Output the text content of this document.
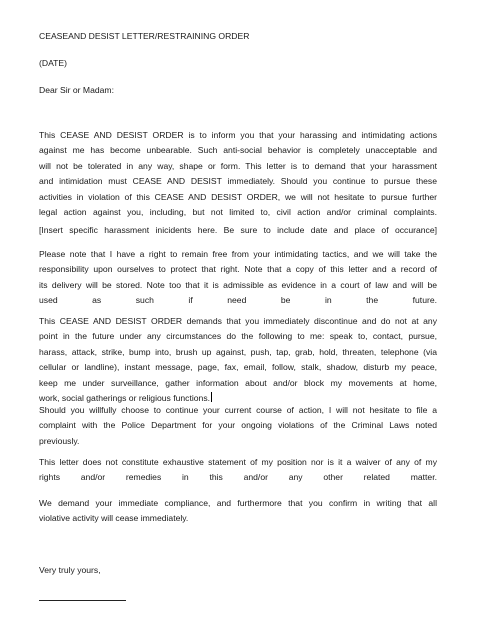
CEASEAND DESIST LETTER/RESTRAINING ORDER

(DATE)

Dear Sir or Madam:

This CEASE AND DESIST ORDER is to inform you that your harassing and intimidating actions
against me has become unbearable. Such anti-social behavior is completely unacceptable and
will not be tolerated in any way, shape or form. This letter is to demand that your harassment
and intimidation must CEASE AND DESIST immediately. Should you continue to pursue these
activities in violation of this CEASE AND DESIST ORDER, we will not hesitate to pursue further
legal action against you, including, but not limited to, civil action and/or criminal complaints.

[Insert specific harassment inicidents here. Be sure to include date and place of occurance]

Please note that I have a right to remain free from your intimidating tactics, and we will take the
responsibility upon ourselves to protect that right. Note that a copy of this letter and a record of
its delivery will be stored. Note too that it is admissible as evidence in a court of law and will be
used as such if need be in the future.

This CEASE AND DESIST ORDER demands that you immediately discontinue and do not at any
point in the future under any circumstances do the following to me: speak to, contact, pursue,
harass, attack, strike, bump into, brush up against, push, tap, grab, hold, threaten, telephone (via
cellular or landline), instant message, page, fax, email, follow, stalk, shadow, disturb my peace,
keep me under surveillance, gather information about and/or block my movements at home,
work, social gatherings or religious functions.

Should you willfully choose to continue your current course of action, I will not hesitate to file a
complaint with the Police Department for your ongoing violations of the Criminal Laws noted
previously.

This letter does not constitute exhaustive statement of my position nor is it a waiver of any of my
rights and/or remedies in this and/or any other related matter.

We demand your immediate compliance, and furthermore that you confirm in writing that all
violative activity will cease immediately.

Very truly yours,
